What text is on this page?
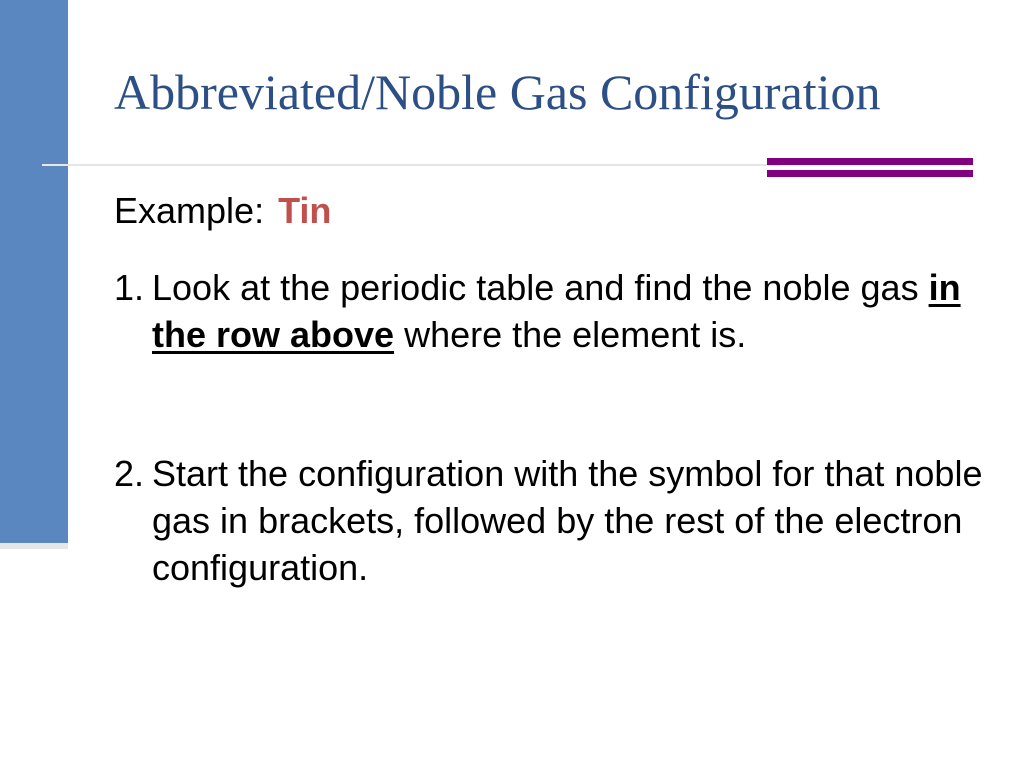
Abbreviated/Noble Gas Configuration
Example: Tin
1. Look at the periodic table and find the noble gas in the row above where the element is.
2. Start the configuration with the symbol for that noble gas in brackets, followed by the rest of the electron configuration.
